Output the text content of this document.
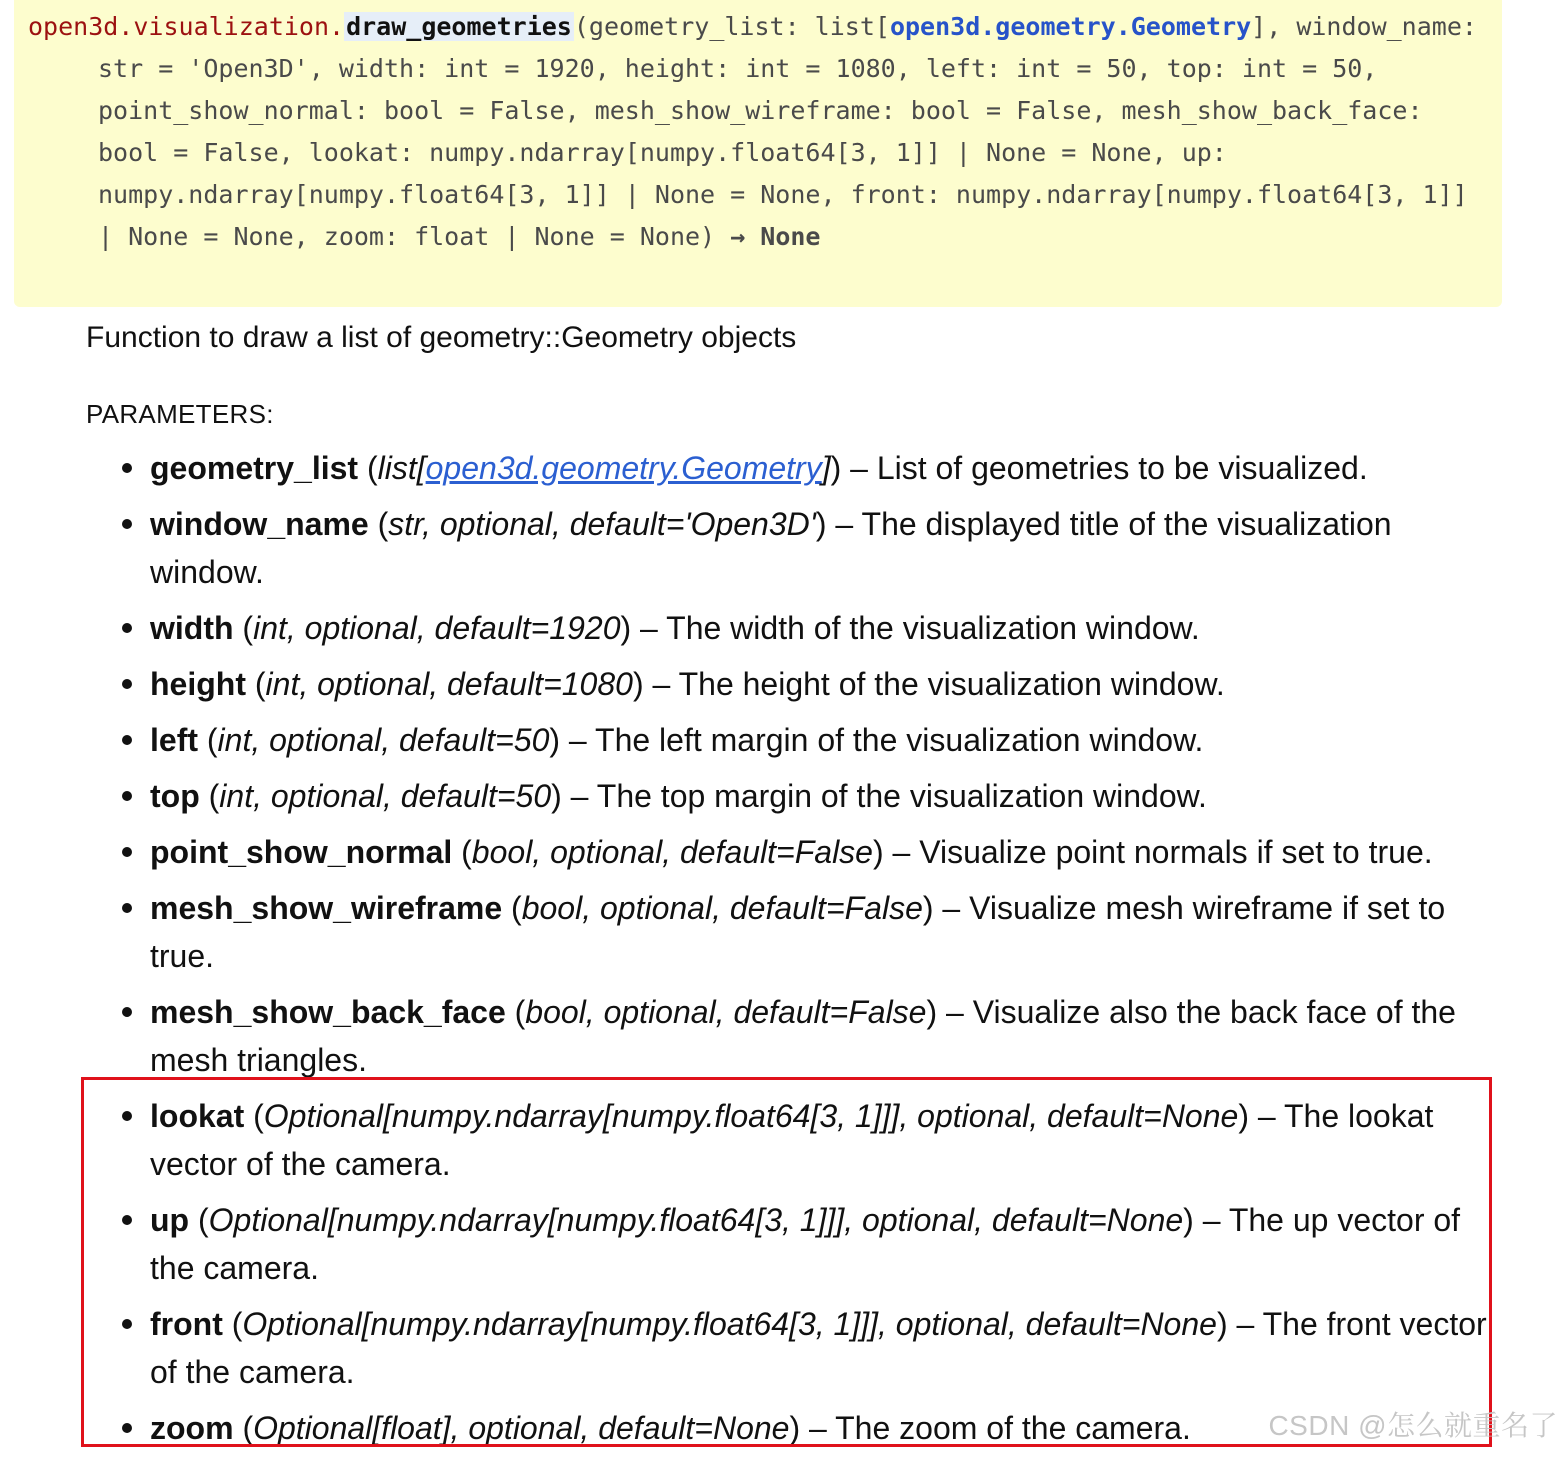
open3d.visualization.draw_geometries(geometry_list: list[open3d.geometry.Geometry], window_name: str = 'Open3D', width: int = 1920, height: int = 1080, left: int = 50, top: int = 50, point_show_normal: bool = False, mesh_show_wireframe: bool = False, mesh_show_back_face: bool = False, lookat: numpy.ndarray[numpy.float64[3, 1]] | None = None, up: numpy.ndarray[numpy.float64[3, 1]] | None = None, front: numpy.ndarray[numpy.float64[3, 1]] | None = None, zoom: float | None = None) → None
Function to draw a list of geometry::Geometry objects
PARAMETERS:
geometry_list (list[open3d.geometry.Geometry]) – List of geometries to be visualized.
window_name (str, optional, default='Open3D') – The displayed title of the visualization window.
width (int, optional, default=1920) – The width of the visualization window.
height (int, optional, default=1080) – The height of the visualization window.
left (int, optional, default=50) – The left margin of the visualization window.
top (int, optional, default=50) – The top margin of the visualization window.
point_show_normal (bool, optional, default=False) – Visualize point normals if set to true.
mesh_show_wireframe (bool, optional, default=False) – Visualize mesh wireframe if set to true.
mesh_show_back_face (bool, optional, default=False) – Visualize also the back face of the mesh triangles.
lookat (Optional[numpy.ndarray[numpy.float64[3, 1]]], optional, default=None) – The lookat vector of the camera.
up (Optional[numpy.ndarray[numpy.float64[3, 1]]], optional, default=None) – The up vector of the camera.
front (Optional[numpy.ndarray[numpy.float64[3, 1]]], optional, default=None) – The front vector of the camera.
zoom (Optional[float], optional, default=None) – The zoom of the camera.	CSDN @怎么就重名了
